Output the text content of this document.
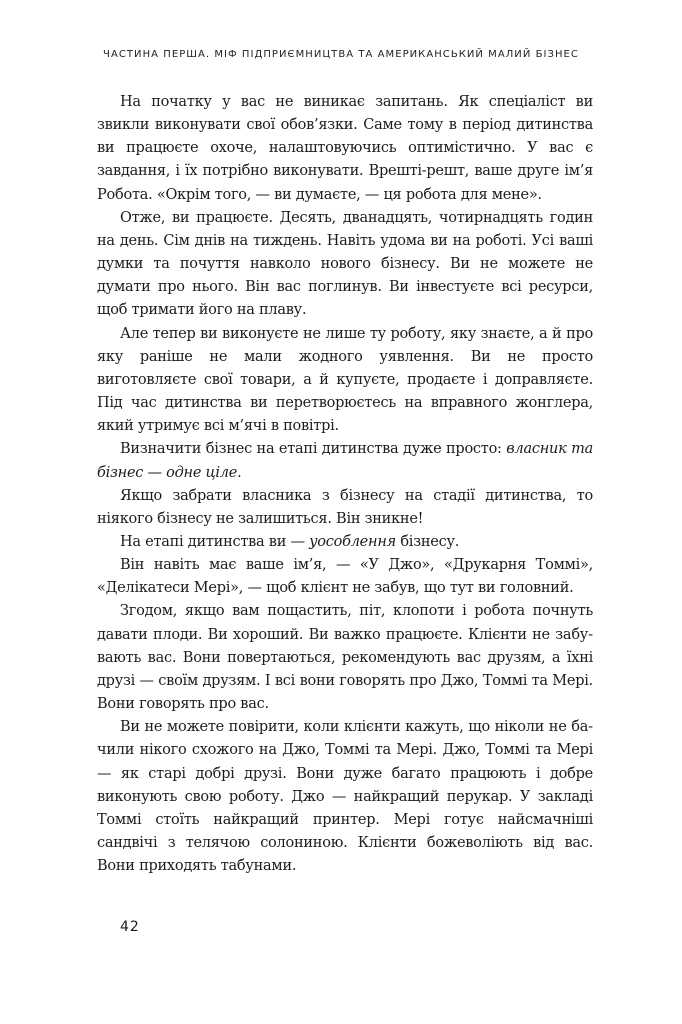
ЧАСТИНА ПЕРША. МІФ ПІДПРИЄМНИЦТВА ТА АМЕРИКАНСЬКИЙ МАЛИЙ БІЗНЕС

На початку у вас не виникає запитань. Як спеціаліст ви звикли виконувати свої обов’язки. Саме тому в період дитинства ви працюєте охоче, налаштовуючись оптимістично. У вас є завдання, і їх потрібно виконувати. Врешті-решт, ваше друге ім’я Робота. «Окрім того, — ви думаєте, — ця робота для мене».

Отже, ви працюєте. Десять, дванадцять, чотирнадцять годин на день. Сім днів на тиждень. Навіть удома ви на роботі. Усі ваші думки та почуття навколо нового бізнесу. Ви не можете не думати про нього. Він вас поглинув. Ви інвестуєте всі ресурси, щоб тримати його на плаву.

Але тепер ви виконуєте не лише ту роботу, яку знаєте, а й про яку раніше не мали жодного уявлення. Ви не просто виготовляєте свої товари, а й купуєте, продаєте і доправляєте. Під час дитинства ви перетворюєтесь на вправного жонглера, який утримує всі м’ячі в повітрі.

Визначити бізнес на етапі дитинства дуже просто: власник та бізнес — одне ціле.

Якщо забрати власника з бізнесу на стадії дитинства, то ніякого бізнесу не залишиться. Він зникне!

На етапі дитинства ви — уособлення бізнесу.

Він навіть має ваше ім’я, — «У Джо», «Друкарня Томмі», «Делікатеси Мері», — щоб клієнт не забув, що тут ви головний.

Згодом, якщо вам пощастить, піт, клопоти і робота почнуть давати плоди. Ви хороший. Ви важко працюєте. Клієнти не забувають вас. Вони повертаються, рекомендують вас друзям, а їхні друзі — своїм друзям. І всі вони говорять про Джо, Томмі та Мері. Вони говорять про вас.

Ви не можете повірити, коли клієнти кажуть, що ніколи не бачили нікого схожого на Джо, Томмі та Мері. Джо, Томмі та Мері — як старі добрі друзі. Вони дуже багато працюють і добре виконують свою роботу. Джо — найкращий перукар. У закладі Томмі стоїть найкращий принтер. Мері готує найсмачніші сандвічі з телячою солониною. Клієнти божеволіють від вас. Вони приходять табунами.

42
